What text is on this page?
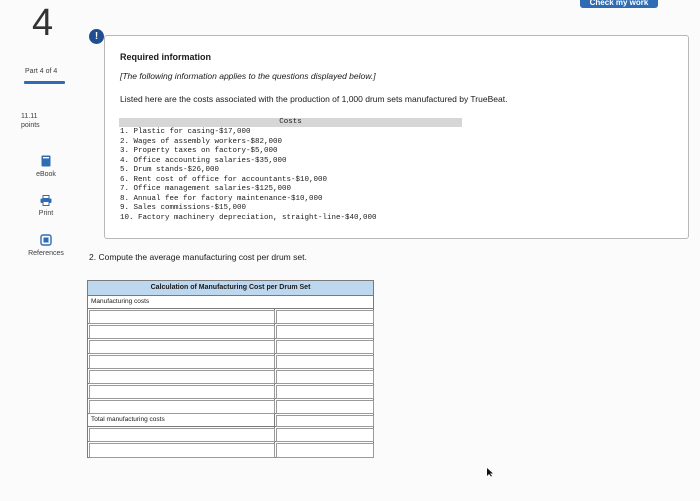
Check my work
4
Part 4 of 4
11.11
points
eBook
Print
References
!
Required information
[The following information applies to the questions displayed below.]
Listed here are the costs associated with the production of 1,000 drum sets manufactured by TrueBeat.
Costs
1. Plastic for casing-$17,000
2. Wages of assembly workers-$82,000
3. Property taxes on factory-$5,000
4. Office accounting salaries-$35,000
5. Drum stands-$26,000
6. Rent cost of office for accountants-$10,000
7. Office management salaries-$125,000
8. Annual fee for factory maintenance-$10,000
9. Sales commissions-$15,000
10. Factory machinery depreciation, straight-line-$40,000
2. Compute the average manufacturing cost per drum set.
Calculation of Manufacturing Cost per Drum Set
Manufacturing costs
Total manufacturing costs
